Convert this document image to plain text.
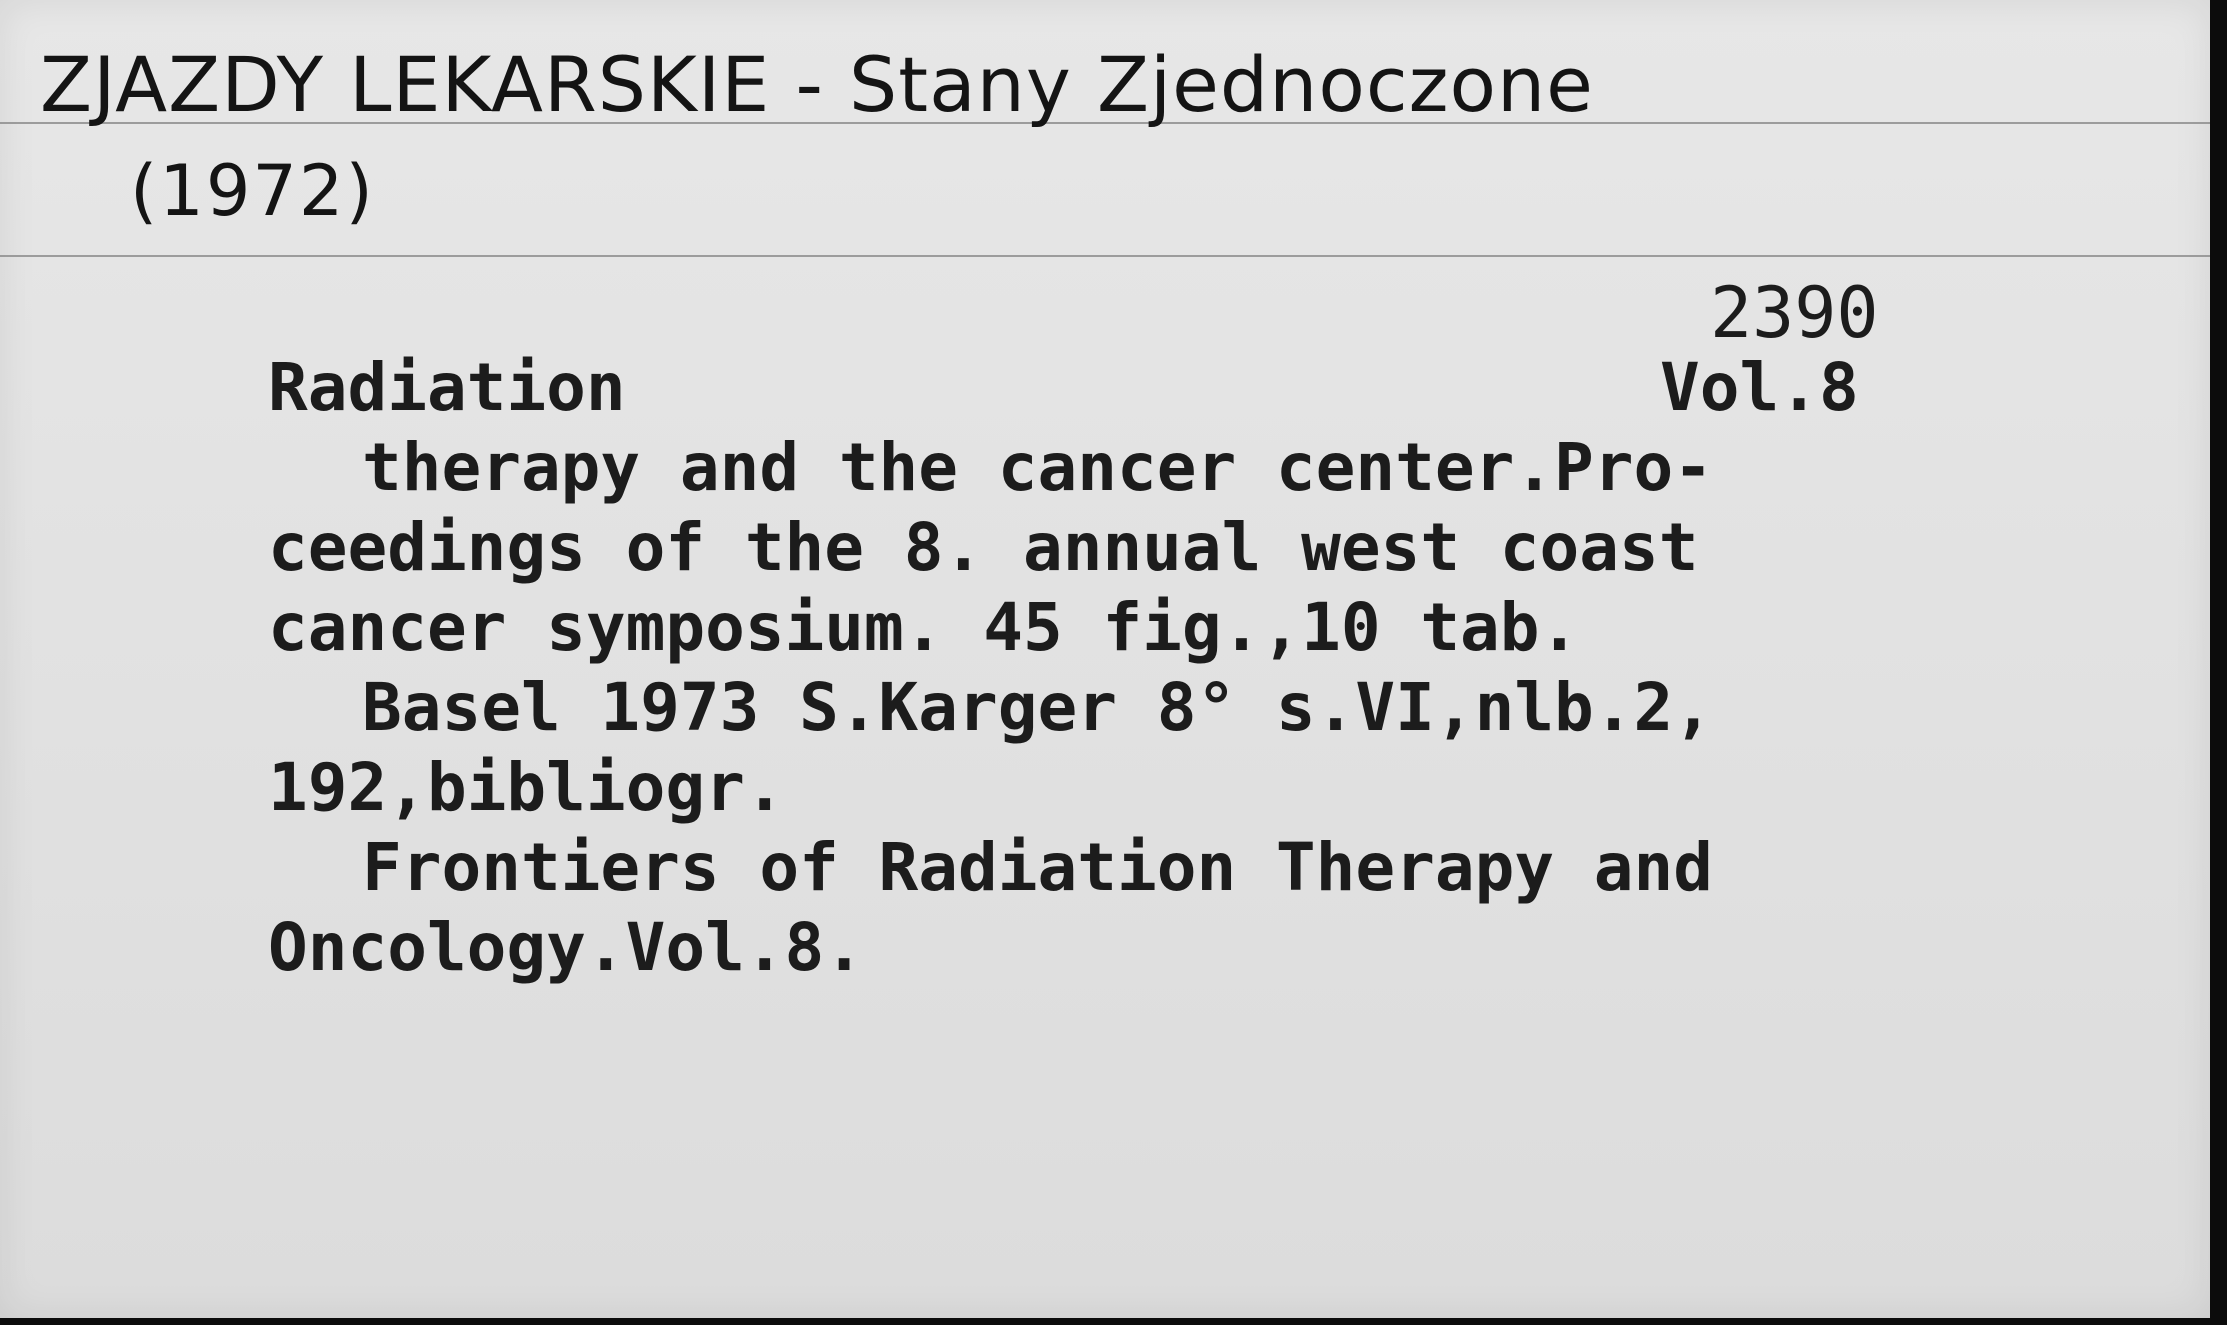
ZJAZDY LEKARSKIE - Stany Zjednoczone
(1972)
2390
Vol.8
Radiation
therapy and the cancer center.Pro-
ceedings of the 8. annual west coast
cancer symposium. 45 fig.,10 tab.
Basel 1973 S.Karger 8° s.VI,nlb.2,
192,bibliogr.
Frontiers of Radiation Therapy and
Oncology.Vol.8.
